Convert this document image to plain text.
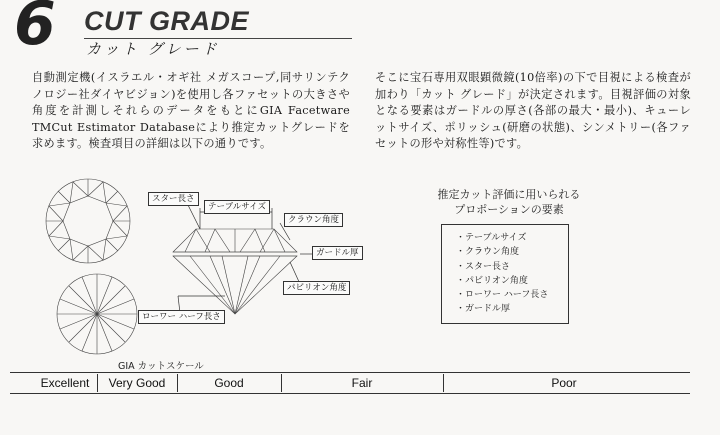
6 CUT GRADE
カット グレード

自動測定機(イスラエル・オギ社 メガスコープ,同サリンテクノロジー社ダイヤビジョン)を使用し各ファセットの大きさや角度を計測しそれらのデータをもとにGIA Facetware TMCut Estimator Databaseにより推定カットグレードを求めます。検査項目の詳細は以下の通りです。

そこに宝石専用双眼顕微鏡(10倍率)の下で目視による検査が加わり「カット グレード」が決定されます。目視評価の対象となる要素はガードルの厚さ(各部の最大・最小)、キューレットサイズ、ポリッシュ(研磨の状態)、シンメトリー(各ファセットの形や対称性等)です。

スター長さ
テーブルサイズ
クラウン角度
ガードル厚
パビリオン角度
ローワー ハーフ長さ
推定カット評価に用いられる
プロポーションの要素
・テーブルサイズ
・クラウン角度
・スター長さ
・パビリオン角度
・ローワー ハーフ長さ
・ガードル厚
GIA カットスケール
Excellent	Very Good	Good	Fair	Poor
